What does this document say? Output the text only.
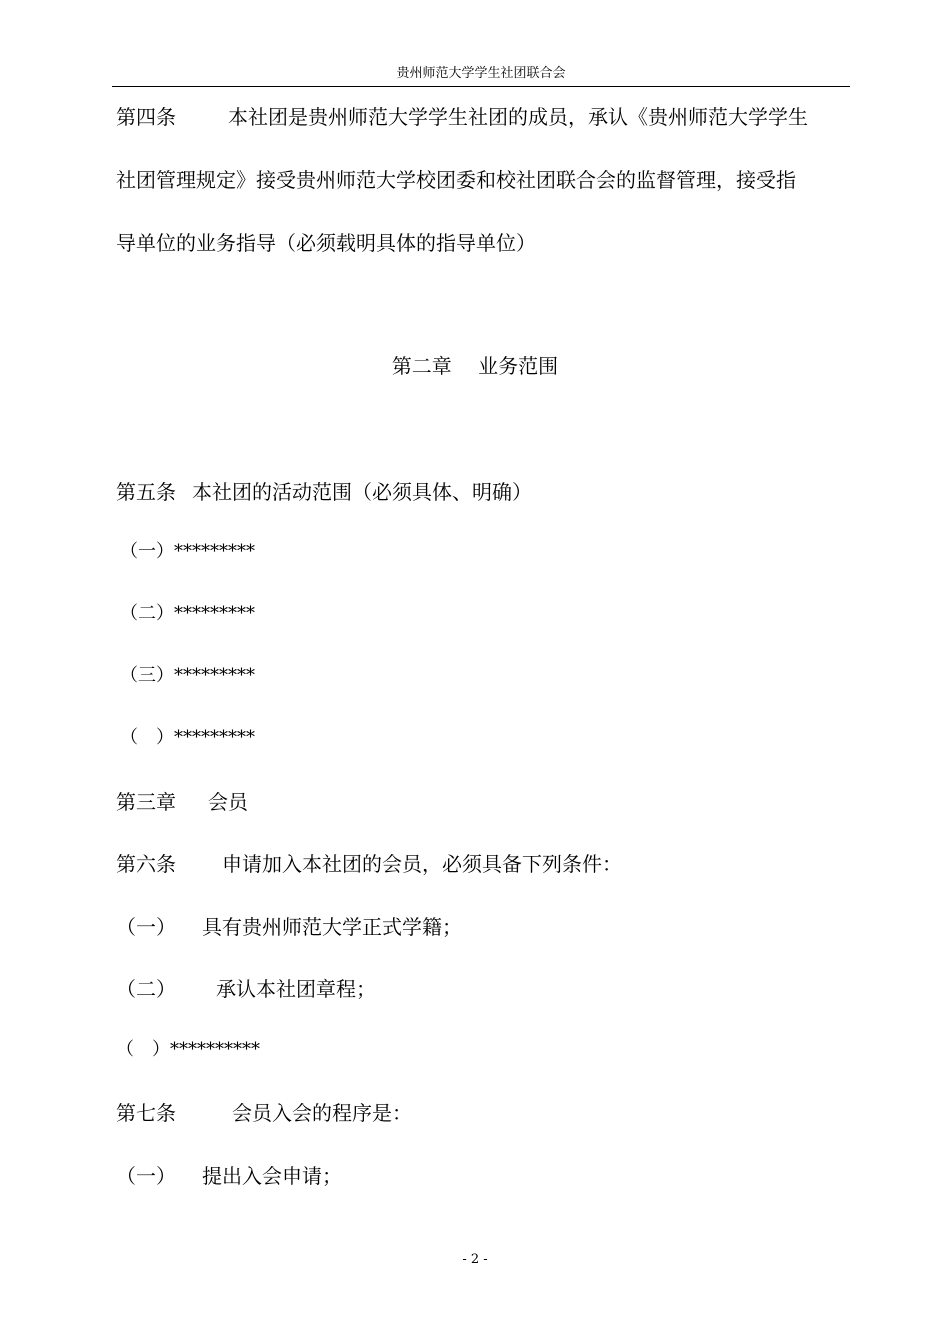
贵州师范大学学生社团联合会
第四条	本社团是贵州师范大学学生社团的成员，承认《贵州师范大学学生
社团管理规定》接受贵州师范大学校团委和校社团联合会的监督管理，接受指
导单位的业务指导（必须载明具体的指导单位）
第二章　 业务范围
第五条 本社团的活动范围（必须具体、明确）
（一）*********
（二）*********
（三）*********
（　）*********
第三章 会员
第六条 申请加入本社团的会员，必须具备下列条件：
（一） 具有贵州师范大学正式学籍；
（二） 承认本社团章程；
（　）**********
第七条	会员入会的程序是：
（一） 提出入会申请；
- 2 -
